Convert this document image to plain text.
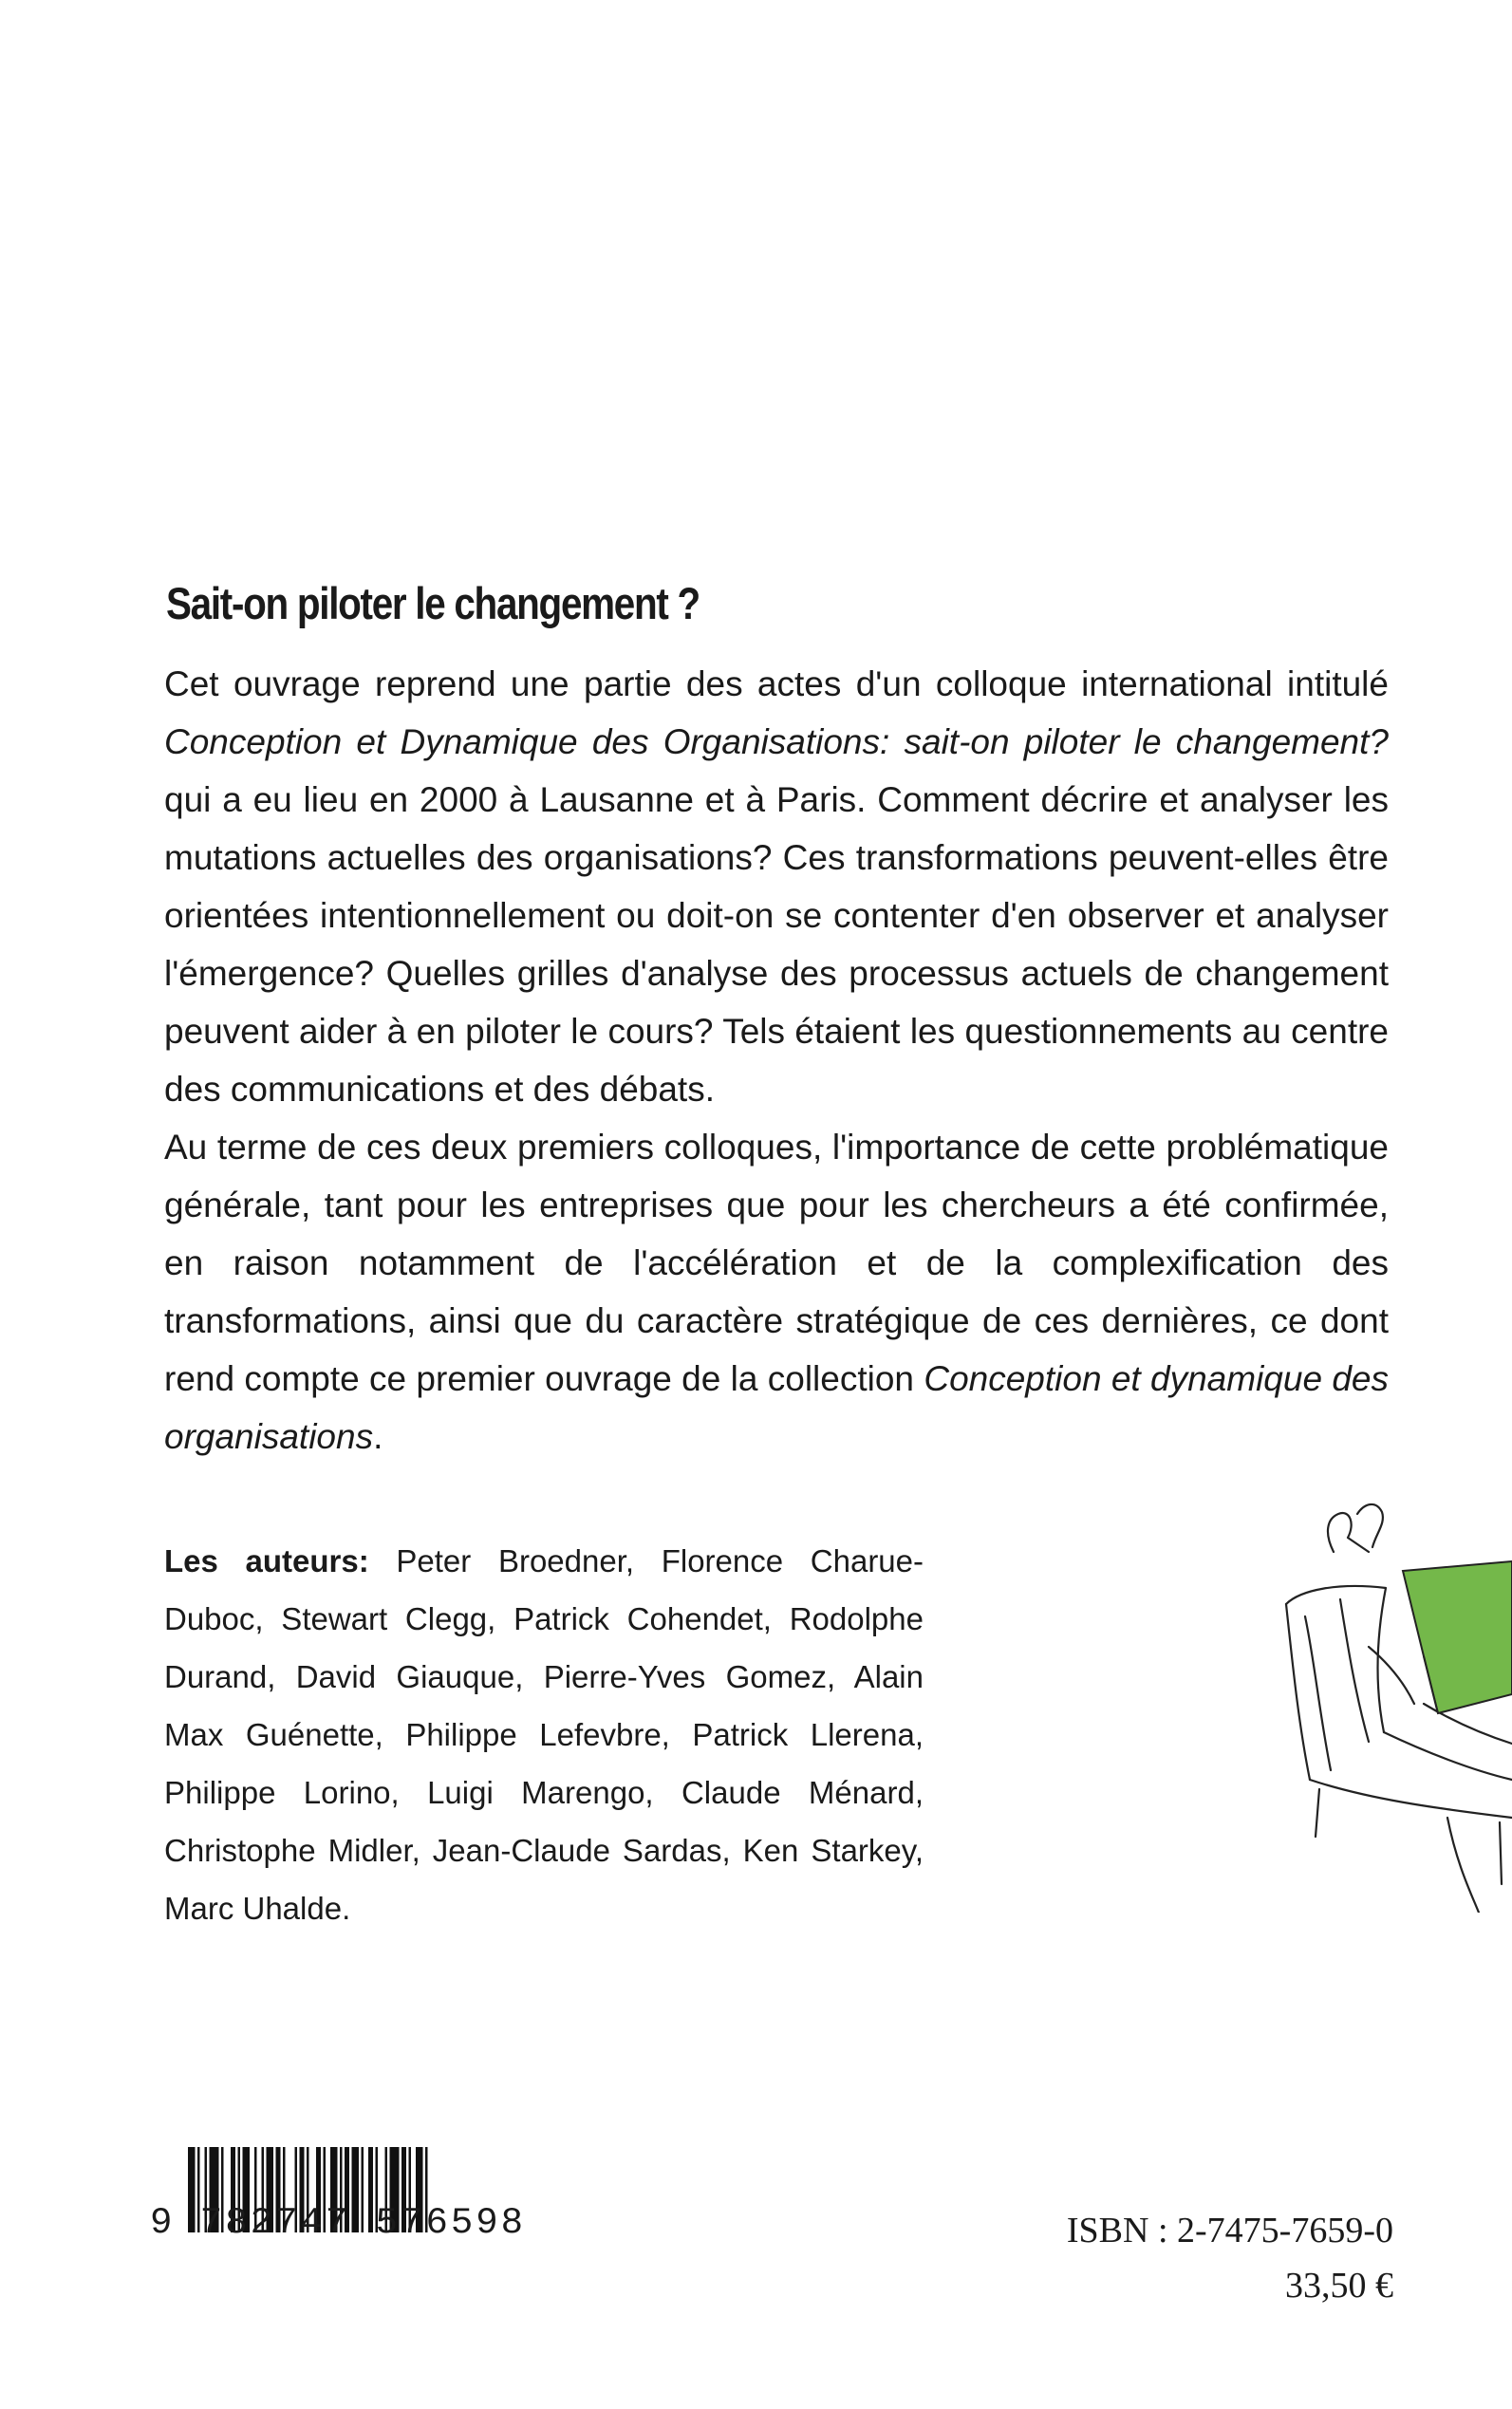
Sait-on piloter le changement ?

Cet ouvrage reprend une partie des actes d'un colloque international intitulé Conception et Dynamique des Organisations: sait-on piloter le changement? qui a eu lieu en 2000 à Lausanne et à Paris. Comment décrire et analyser les mutations actuelles des organisations? Ces transformations peuvent-elles être orientées intentionnellement ou doit-on se contenter d'en observer et analyser l'émergence? Quelles grilles d'analyse des processus actuels de changement peuvent aider à en piloter le cours? Tels étaient les questionnements au centre des communications et des débats.

Au terme de ces deux premiers colloques, l'importance de cette problématique générale, tant pour les entreprises que pour les chercheurs a été confirmée, en raison notamment de l'accélération et de la complexification des transformations, ainsi que du caractère stratégique de ces dernières, ce dont rend compte ce premier ouvrage de la collection Conception et dynamique des organisations.

Les auteurs: Peter Broedner, Florence Charue-Duboc, Stewart Clegg, Patrick Cohendet, Rodolphe Durand, David Giauque, Pierre-Yves Gomez, Alain Max Guénette, Philippe Lefevbre, Patrick Llerena, Philippe Lorino, Luigi Marengo, Claude Ménard, Christophe Midler, Jean-Claude Sardas, Ken Starkey, Marc Uhalde.
9 782747 576598	ISBN : 2-7475-7659-0
33,50 €
